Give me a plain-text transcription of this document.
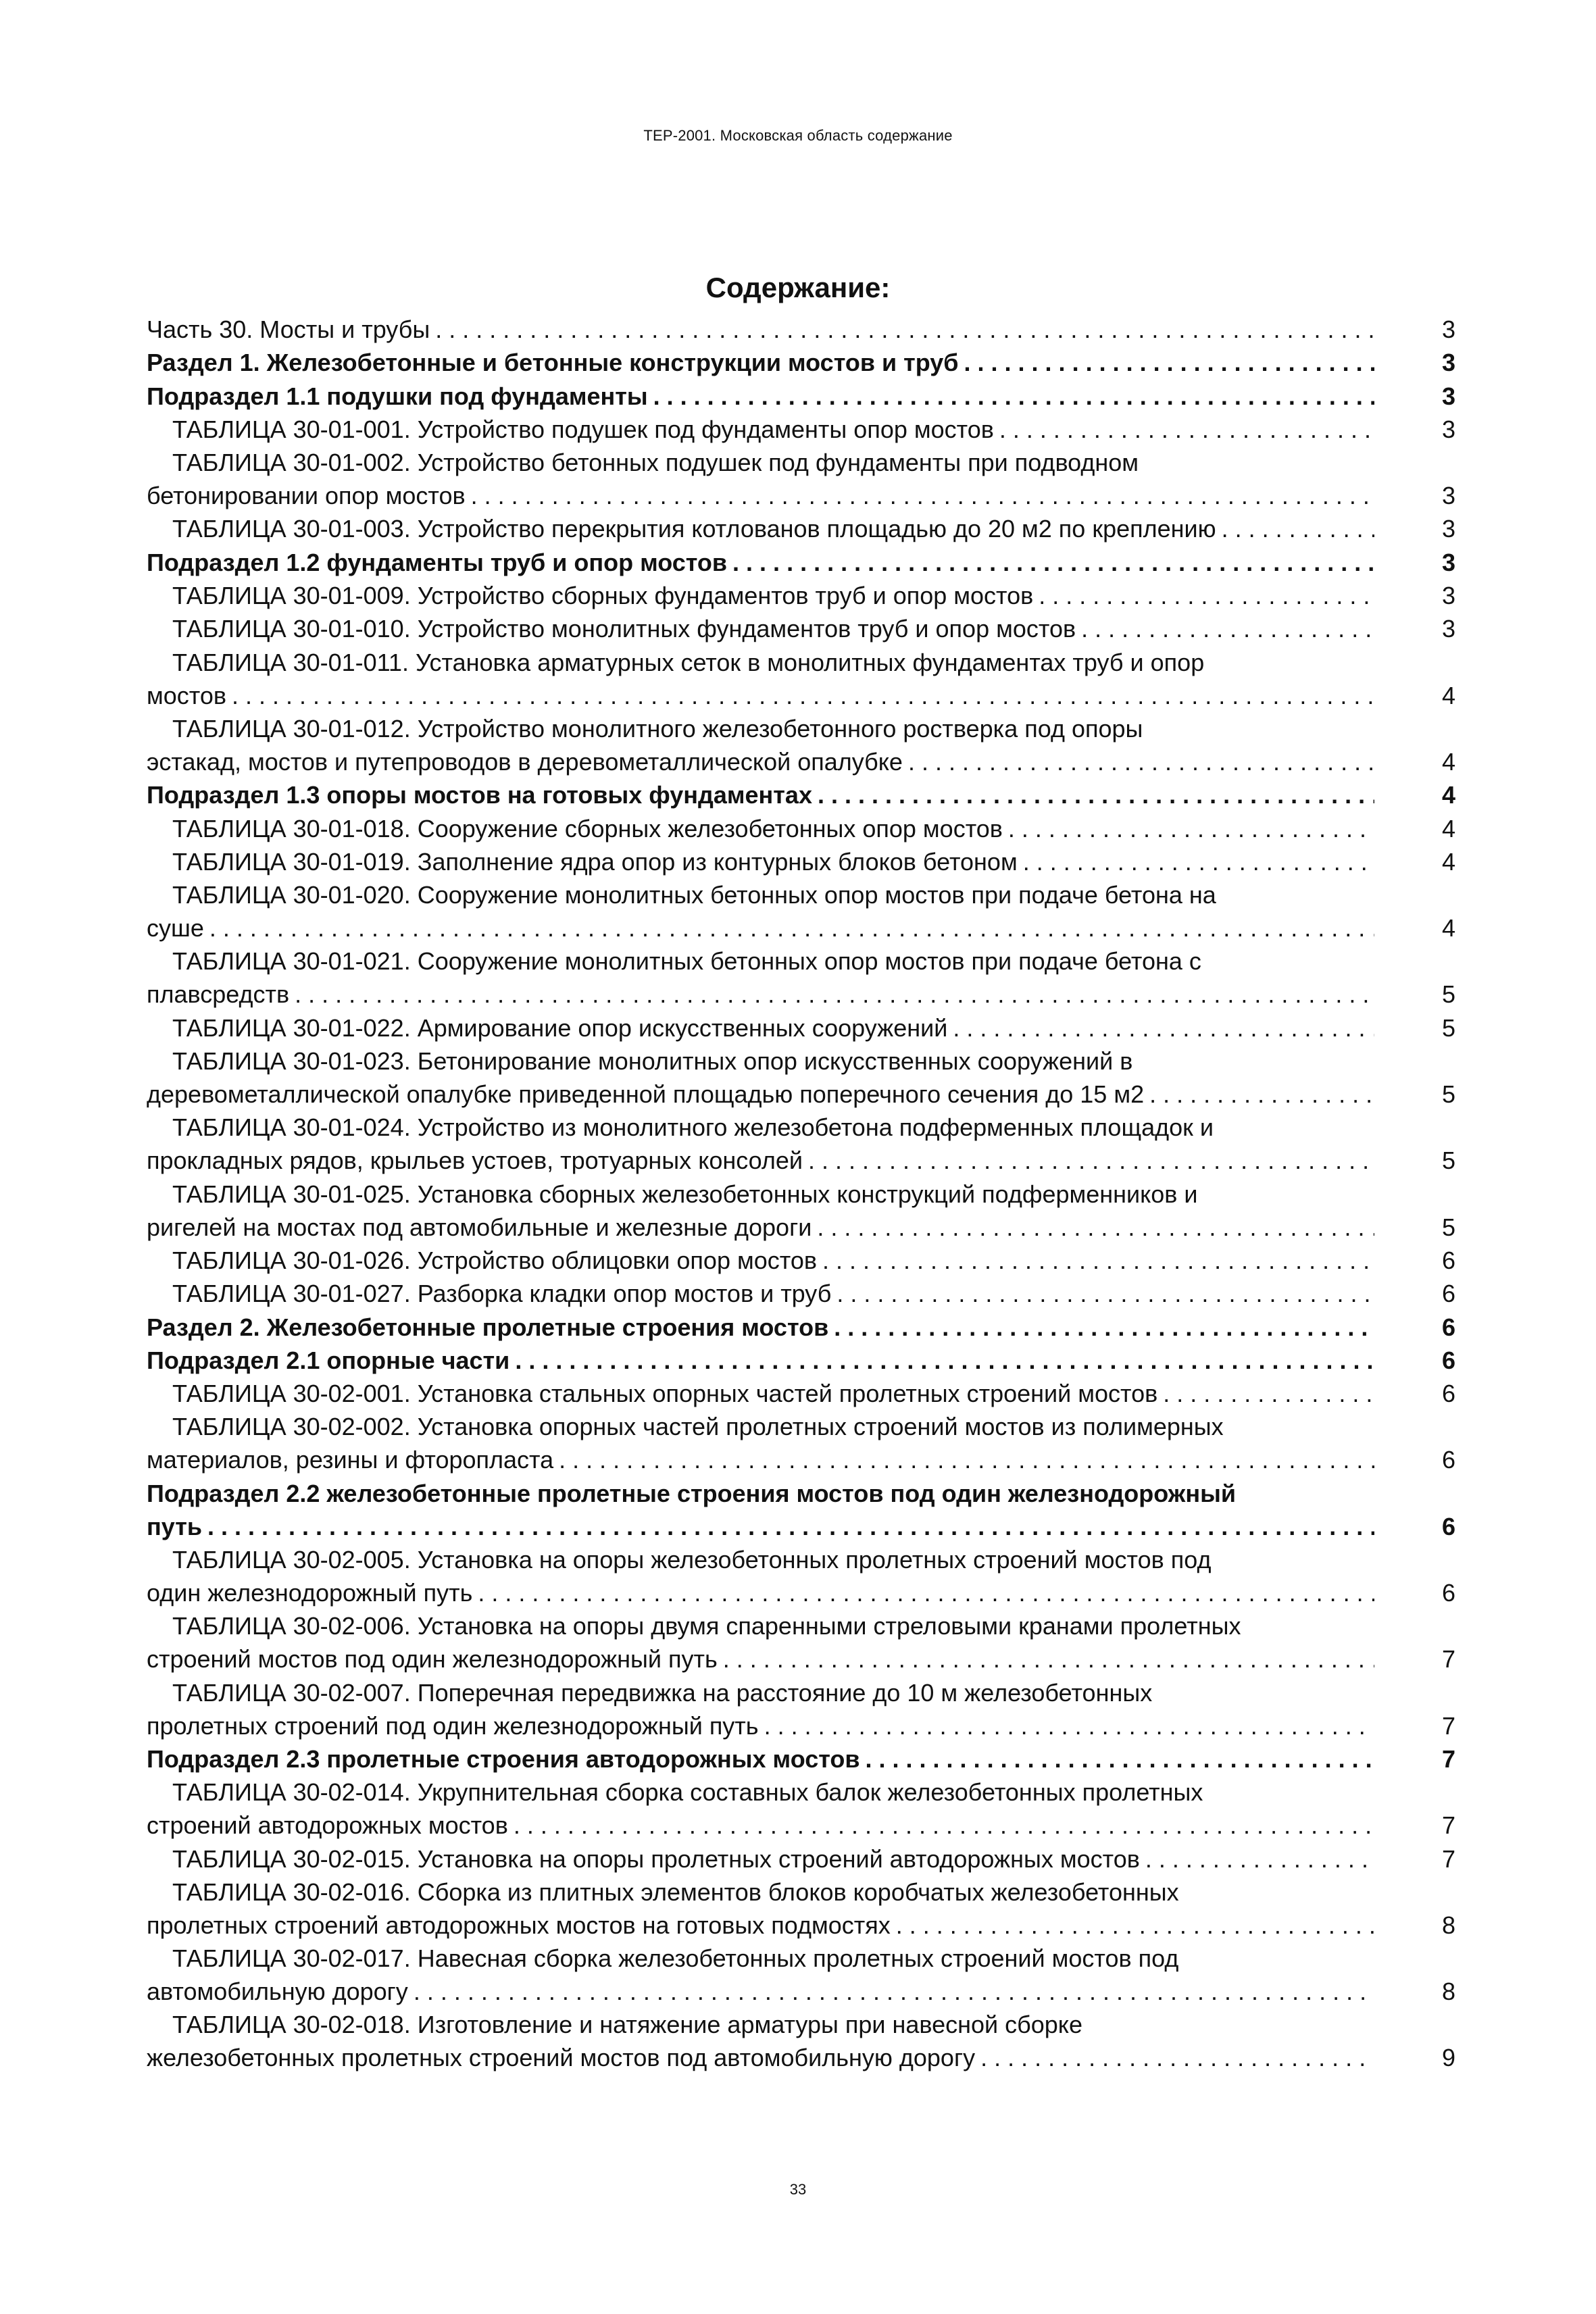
ТЕР-2001. Московская область содержание
Содержание:
Часть 30. Мосты и трубы . . .	3
Раздел 1. Железобетонные и бетонные конструкции мостов и труб . . .	3
Подраздел 1.1 подушки под фундаменты . . .	3
ТАБЛИЦА 30-01-001. Устройство подушек под фундаменты опор мостов . . .	3
ТАБЛИЦА 30-01-002. Устройство бетонных подушек под фундаменты при подводном
бетонировании опор мостов . . .	3
ТАБЛИЦА 30-01-003. Устройство перекрытия котлованов площадью до 20 м2 по креплению . . .	3
Подраздел 1.2 фундаменты труб и опор мостов . . .	3
ТАБЛИЦА 30-01-009. Устройство сборных фундаментов труб и опор мостов . . .	3
ТАБЛИЦА 30-01-010. Устройство монолитных фундаментов труб и опор мостов . . .	3
ТАБЛИЦА 30-01-011. Установка арматурных сеток в монолитных фундаментах труб и опор
мостов . . .	4
ТАБЛИЦА 30-01-012. Устройство монолитного железобетонного ростверка под опоры
эстакад, мостов и путепроводов в деревометаллической опалубке . . .	4
Подраздел 1.3 опоры мостов на готовых фундаментах . . .	4
ТАБЛИЦА 30-01-018. Сооружение сборных железобетонных опор мостов . . .	4
ТАБЛИЦА 30-01-019. Заполнение ядра опор из контурных блоков бетоном . . .	4
ТАБЛИЦА 30-01-020. Сооружение монолитных бетонных опор мостов при подаче бетона на
суше . . .	4
ТАБЛИЦА 30-01-021. Сооружение монолитных бетонных опор мостов при подаче бетона с
плавсредств . . .	5
ТАБЛИЦА 30-01-022. Армирование опор искусственных сооружений . . .	5
ТАБЛИЦА 30-01-023. Бетонирование монолитных опор искусственных сооружений в
деревометаллической опалубке приведенной площадью поперечного сечения до 15 м2 . . .	5
ТАБЛИЦА 30-01-024. Устройство из монолитного железобетона подферменных площадок и
прокладных рядов, крыльев устоев, тротуарных консолей . . .	5
ТАБЛИЦА 30-01-025. Установка сборных железобетонных конструкций подферменников и
ригелей на мостах под автомобильные и железные дороги . . .	5
ТАБЛИЦА 30-01-026. Устройство облицовки опор мостов . . .	6
ТАБЛИЦА 30-01-027. Разборка кладки опор мостов и труб . . .	6
Раздел 2. Железобетонные пролетные строения мостов . . .	6
Подраздел 2.1 опорные части . . .	6
ТАБЛИЦА 30-02-001. Установка стальных опорных частей пролетных строений мостов . . .	6
ТАБЛИЦА 30-02-002. Установка опорных частей пролетных строений мостов из полимерных
материалов, резины и фторопласта . . .	6
Подраздел 2.2 железобетонные пролетные строения мостов под один железнодорожный
путь . . .	6
ТАБЛИЦА 30-02-005. Установка на опоры железобетонных пролетных строений мостов под
один железнодорожный путь . . .	6
ТАБЛИЦА 30-02-006. Установка на опоры двумя спаренными стреловыми кранами пролетных
строений мостов под один железнодорожный путь . . .	7
ТАБЛИЦА 30-02-007. Поперечная передвижка на расстояние до 10 м железобетонных
пролетных строений под один железнодорожный путь . . .	7
Подраздел 2.3 пролетные строения автодорожных мостов . . .	7
ТАБЛИЦА 30-02-014. Укрупнительная сборка составных балок железобетонных пролетных
строений автодорожных мостов . . .	7
ТАБЛИЦА 30-02-015. Установка на опоры пролетных строений автодорожных мостов . . .	7
ТАБЛИЦА 30-02-016. Сборка из плитных элементов блоков коробчатых железобетонных
пролетных строений автодорожных мостов на готовых подмостях . . .	8
ТАБЛИЦА 30-02-017. Навесная сборка железобетонных пролетных строений мостов под
автомобильную дорогу . . .	8
ТАБЛИЦА 30-02-018. Изготовление и натяжение арматуры при навесной сборке
железобетонных пролетных строений мостов под автомобильную дорогу . . .	9
33
